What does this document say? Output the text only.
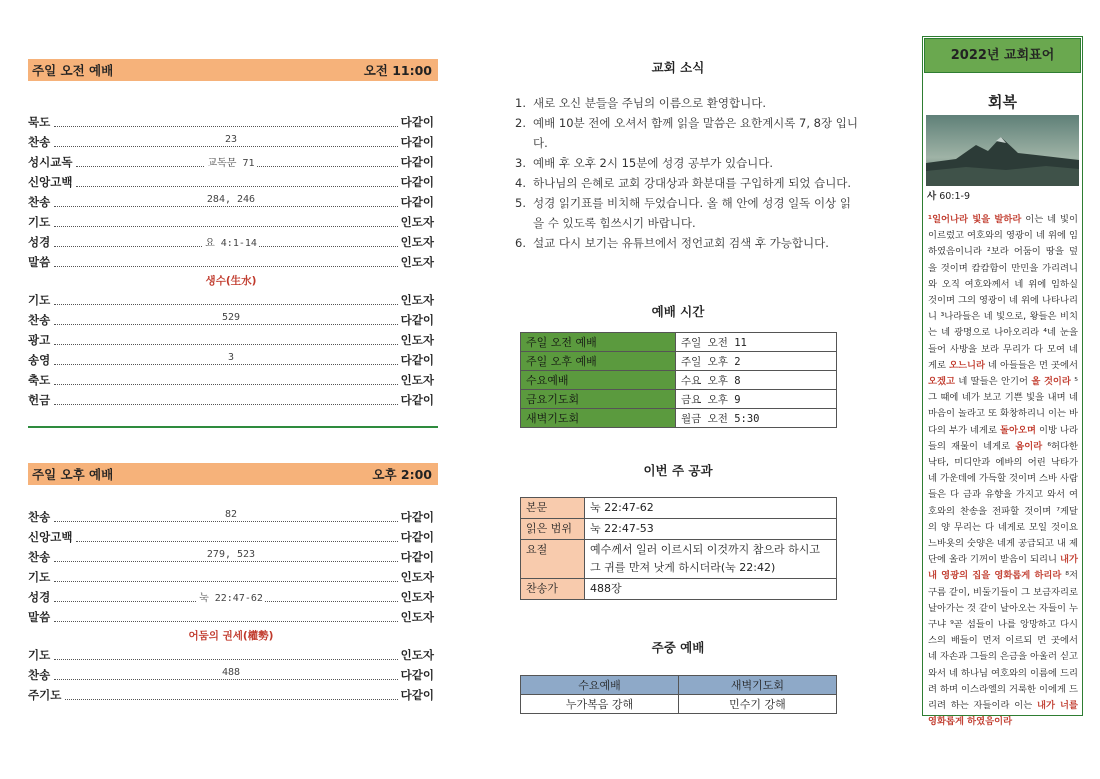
주일 오전 예배	오전 11:00
묵도	다같이
찬송	23	다같이
성시교독	교독문 71	다같이
신앙고백	다같이
찬송	284, 246	다같이
기도	인도자
성경	요 4:1-14	인도자
말씀	인도자
생수(生水)
기도	인도자
찬송	529	다같이
광고	인도자
송영	3	다같이
축도	인도자
헌금	다같이
주일 오후 예배	오후 2:00
찬송	82	다같이
신앙고백	다같이
찬송	279, 523	다같이
기도	인도자
성경	눅 22:47-62	인도자
말씀	인도자
어둠의 권세(權勢)
기도	인도자
찬송	488	다같이
주기도	다같이
교회 소식
1. 새로 오신 분들을 주님의 이름으로 환영합니다.
2. 예배 10분 전에 오셔서 함께 읽을 말씀은 요한계시록 7, 8장 입니다.
3. 예배 후 오후 2시 15분에 성경 공부가 있습니다.
4. 하나님의 은혜로 교회 강대상과 화분대를 구입하게 되었 습니다.
5. 성경 읽기표를 비치해 두었습니다. 올 해 안에 성경 일독 이상 읽을 수 있도록 힘쓰시기 바랍니다.
6. 설교 다시 보기는 유튜브에서 정언교회 검색 후 가능합니다.
예배 시간
주일 오전 예배	주일 오전 11
주일 오후 예배	주일 오후 2
수요예배	수요 오후 8
금요기도회	금요 오후 9
새벽기도회	월금 오전 5:30
이번 주 공과
본문	눅 22:47-62
읽은 범위	눅 22:47-53
요절	예수께서 일러 이르시되 이것까지 참으라 하시고 그 귀를 만져 낫게 하시더라(눅 22:42)
찬송가	488장
주중 예배
수요예배	새벽기도회
누가복음 강해	민수기 강해
2022년 교회표어
회복
사 60:1-9
¹일어나라 빛을 발하라 이는 네 빛이 이르렀고 여호와의 영광이 네 위에 임하였음이니라 ²보라 어둠이 땅을 덮을 것이며 캄캄함이 만민을 가리려니와 오직 여호와께서 네 위에 임하실 것이며 그의 영광이 네 위에 나타나리니 ³나라들은 네 빛으로, 왕들은 비치는 네 광명으로 나아오리라 ⁴네 눈을 들어 사방을 보라 무리가 다 모여 네게로 오느니라 네 아들들은 먼 곳에서 오겠고 네 딸들은 안기어 올 것이라 ⁵그 때에 네가 보고 기쁜 빛을 내며 네 마음이 놀라고 또 화창하리니 이는 바다의 부가 네게로 돌아오며 이방 나라들의 재물이 네게로 옴이라 ⁶허다한 낙타, 미디안과 에바의 어린 낙타가 네 가운데에 가득할 것이며 스바 사람들은 다 금과 유향을 가지고 와서 여호와의 찬송을 전파할 것이며 ⁷게달의 양 무리는 다 네게로 모일 것이요 느바욧의 숫양은 네게 공급되고 내 제단에 올라 기꺼이 받음이 되리니 내가 내 영광의 집을 영화롭게 하리라 ⁸저 구름 같이, 비둘기들이 그 보금자리로 날아가는 것 같이 날아오는 자들이 누구냐 ⁹곧 섬들이 나를 앙망하고 다시스의 배들이 먼저 이르되 먼 곳에서 네 자손과 그들의 은금을 아울러 싣고 와서 네 하나님 여호와의 이름에 드리려 하며 이스라엘의 거룩한 이에게 드리려 하는 자들이라 이는 내가 너를 영화롭게 하였음이라
